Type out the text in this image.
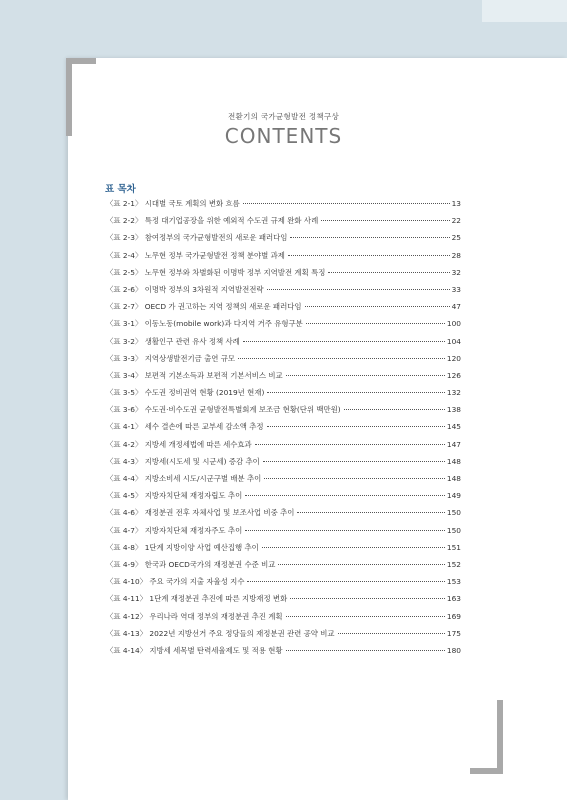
전환기의 국가균형발전 정책구상
CONTENTS
표 목차
〈표 2-1〉 시대별 국토 계획의 변화 흐름	13
〈표 2-2〉 특정 대기업공장을 위한 예외적 수도권 규제 완화 사례	22
〈표 2-3〉 참여정부의 국가균형발전의 새로운 패러다임	25
〈표 2-4〉 노무현 정부 국가균형발전 정책 분야별 과제	28
〈표 2-5〉 노무현 정부와 차별화된 이명박 정부 지역발전 계획 특징	32
〈표 2-6〉 이명박 정부의 3차원적 지역발전전략	33
〈표 2-7〉 OECD 가 권고하는 지역 정책의 새로운 패러다임	47
〈표 3-1〉 이동노동(mobile work)과 다지역 거주 유형구분	100
〈표 3-2〉 생활인구 관련 유사 정책 사례	104
〈표 3-3〉 지역상생발전기금 출연 규모	120
〈표 3-4〉 보편적 기본소득과 보편적 기본서비스 비교	126
〈표 3-5〉 수도권 정비권역 현황 (2019년 현재)	132
〈표 3-6〉 수도권·비수도권 균형발전특별회계 보조금 현황(단위 백만원)	138
〈표 4-1〉 세수 결손에 따른 교부세 감소액 추정	145
〈표 4-2〉 지방세 개정세법에 따른 세수효과	147
〈표 4-3〉 지방세(시도세 및 시군세) 증감 추이	148
〈표 4-4〉 지방소비세 시도/시군구별 배분 추이	148
〈표 4-5〉 지방자치단체 재정자립도 추이	149
〈표 4-6〉 재정분권 전후 자체사업 및 보조사업 비중 추이	150
〈표 4-7〉 지방자치단체 재정자주도 추이	150
〈표 4-8〉 1단계 지방이양 사업 예산집행 추이	151
〈표 4-9〉 한국과 OECD국가의 재정분권 수준 비교	152
〈표 4-10〉 주요 국가의 지출 자율성 지수	153
〈표 4-11〉 1단계 재정분권 추진에 따른 지방재정 변화	163
〈표 4-12〉 우리나라 역대 정부의 재정분권 추진 계획	169
〈표 4-13〉 2022년 지방선거 주요 정당들의 재정분권 관련 공약 비교	175
〈표 4-14〉 지방세 세목별 탄력세율제도 및 적용 현황	180
